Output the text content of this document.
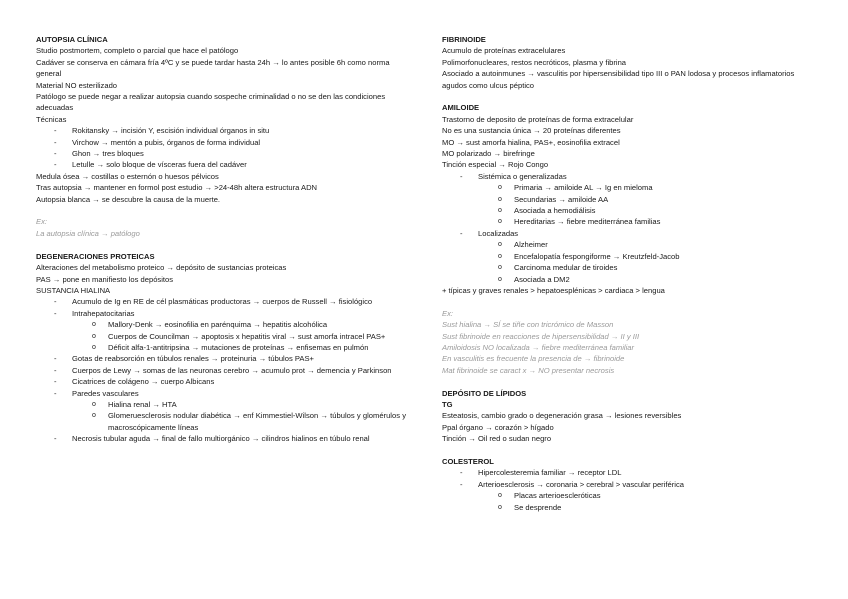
AUTOPSIA CLÍNICA
Studio postmortem, completo o parcial que hace el patólogo
Cadáver se conserva en cámara fría 4ºC y se puede tardar hasta 24h → lo antes posible 6h como norma general
Material NO esterilizado
Patólogo se puede negar a realizar autopsia cuando sospeche criminalidad o no se den las condiciones adecuadas
Técnicas
- Rokitansky → incisión Y, escisión individual órganos in situ
- Virchow → mentón a pubis, órganos de forma individual
- Ghon → tres bloques
- Letulle → solo bloque de vísceras fuera del cadáver
Medula ósea → costillas o esternón o huesos pélvicos
Tras autopsia → mantener en formol post estudio → >24-48h altera estructura ADN
Autopsia blanca → se descubre la causa de la muerte.
Ex:
La autopsia clínica → patólogo
DEGENERACIONES PROTEICAS
Alteraciones del metabolismo proteico → depósito de sustancias proteicas
PAS → pone en manifiesto los depósitos
SUSTANCIA HIALINA
- Acumulo de Ig en RE de cél plasmáticas productoras → cuerpos de Russell → fisiológico
- Intrahepatocitarias
o Mallory-Denk → eosinofilia en parénquima → hepatitis alcohólica
o Cuerpos de Councilman → apoptosis x hepatitis viral → sust amorfa intracel PAS+
o Déficit alfa-1-antitripsina → mutaciones de proteínas → enfisemas en pulmón
- Gotas de reabsorción en túbulos renales → proteinuria → túbulos PAS+
- Cuerpos de Lewy → somas de las neuronas cerebro → acumulo prot → demencia y Parkinson
- Cicatrices de colágeno → cuerpo Albicans
- Paredes vasculares
o Hialina renal → HTA
o Glomeruesclerosis nodular diabética → enf Kimmestiel-Wilson → túbulos y glomérulos y macroscópicamente líneas
- Necrosis tubular aguda → final de fallo multiorgánico → cilindros hialinos en túbulo renal
FIBRINOIDE
Acumulo de proteínas extracelulares
Polimorfonucleares, restos necróticos, plasma y fibrina
Asociado a autoinmunes → vasculitis por hipersensibilidad tipo III o PAN lodosa y procesos inflamatorios agudos como ulcus péptico
AMILOIDE
Trastorno de deposito de proteínas de forma extracelular
No es una sustancia única → 20 proteínas diferentes
MO → sust amorfa hialina, PAS+, eosinofilia extracel
MO polarizado → birefringe
Tinción especial → Rojo Congo
- Sistémica o generalizadas
o Primaria → amiloide AL → Ig en mieloma
o Secundarias → amiloide AA
o Asociada a hemodiálisis
o Hereditarias → fiebre mediterránea familias
- Localizadas
o Alzheimer
o Encefalopatía fespongiforme → Kreutzfeld-Jacob
o Carcinoma medular de tiroides
o Asociada a DM2
+ típicas y graves renales > hepatoesplénicas > cardiaca > lengua
Ex:
Sust hialina → SÍ se tiñe con tricrómico de Masson
Sust fibrinoide en reacciones de hipersensibilidad → II y III
Amiloidosis NO localizada → fiebre mediterránea familiar
En vasculitis es frecuente la presencia de → fibrinoide
Mat fibrinoide se caract x → NO presentar necrosis
DEPÓSITO DE LÍPIDOS
TG
Esteatosis, cambio grado o degeneración grasa → lesiones reversibles
Ppal órgano → corazón > hígado
Tinción → Oil red o sudan negro
COLESTEROL
- Hipercolesteremia familiar → receptor LDL
- Arterioesclerosis → coronaria > cerebral > vascular periférica
o Placas arterioescleróticas
o Se desprende
